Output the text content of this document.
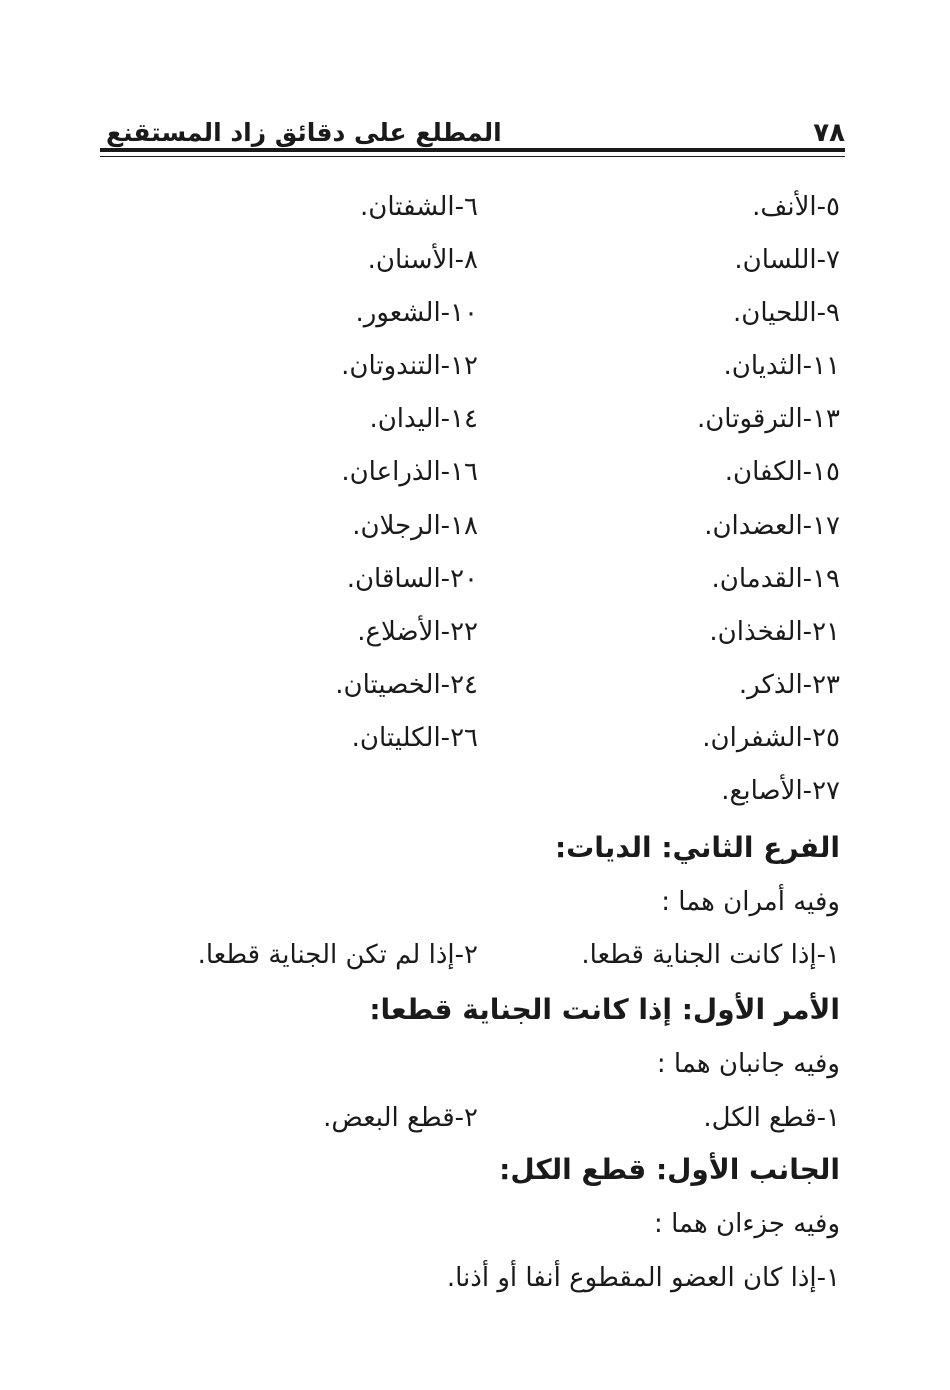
٧٨
المطلع على دقائق زاد المستقنع
٥-الأنف.
٧-اللسان.
٩-اللحيان.
١١-الثديان.
١٣-الترقوتان.
١٥-الكفان.
١٧-العضدان.
١٩-القدمان.
٢١-الفخذان.
٢٣-الذكر.
٢٥-الشفران.
٢٧-الأصابع.
٦-الشفتان.
٨-الأسنان.
١٠-الشعور.
١٢-التندوتان.
١٤-اليدان.
١٦-الذراعان.
١٨-الرجلان.
٢٠-الساقان.
٢٢-الأضلاع.
٢٤-الخصيتان.
٢٦-الكليتان.
الفرع الثاني: الديات:
وفيه أمران هما :
١-إذا كانت الجناية قطعا.
٢-إذا لم تكن الجناية قطعا.
الأمر الأول: إذا كانت الجناية قطعا:
وفيه جانبان هما :
١-قطع الكل.
٢-قطع البعض.
الجانب الأول: قطع الكل:
وفيه جزءان هما :
١-إذا كان العضو المقطوع أنفا أو أذنا.
